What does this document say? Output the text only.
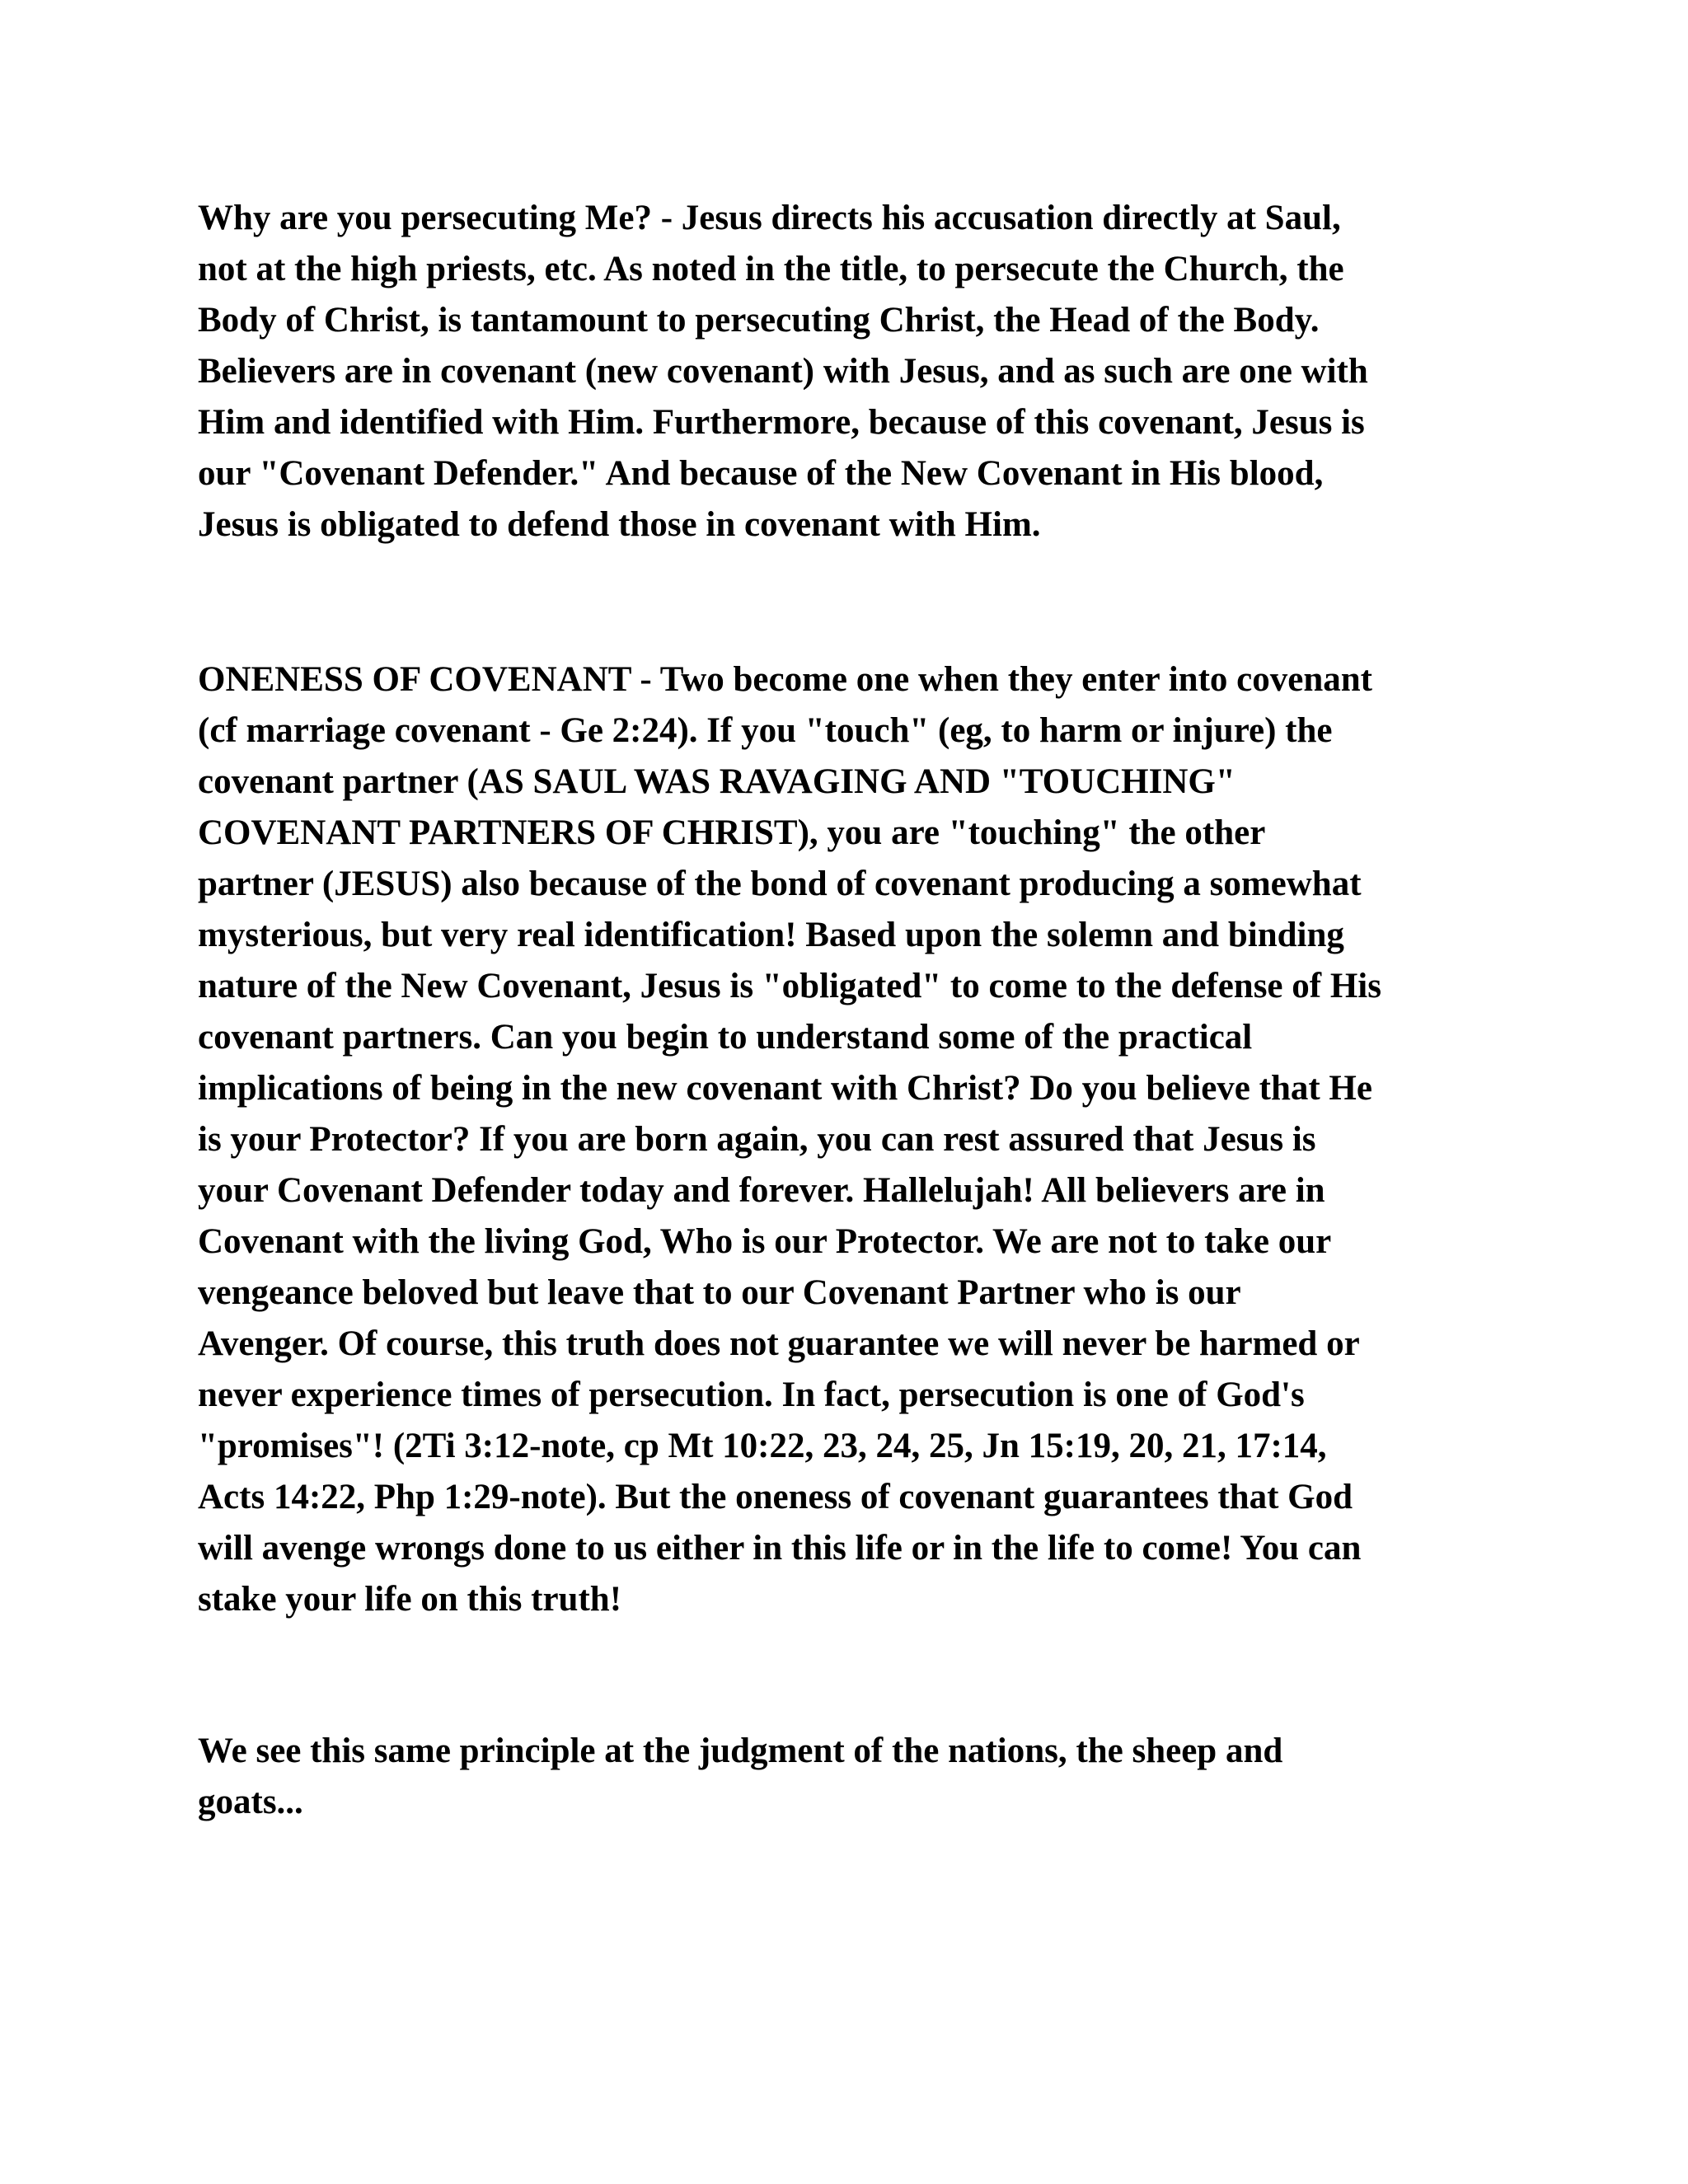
Why are you persecuting Me? - Jesus directs his accusation directly at Saul,
not at the high priests, etc. As noted in the title, to persecute the Church, the
Body of Christ, is tantamount to persecuting Christ, the Head of the Body.
Believers are in covenant (new covenant) with Jesus, and as such are one with
Him and identified with Him. Furthermore, because of this covenant, Jesus is
our "Covenant Defender." And because of the New Covenant in His blood,
Jesus is obligated to defend those in covenant with Him.
ONENESS OF COVENANT - Two become one when they enter into covenant
(cf marriage covenant - Ge 2:24). If you "touch" (eg, to harm or injure) the
covenant partner (AS SAUL WAS RAVAGING AND "TOUCHING"
COVENANT PARTNERS OF CHRIST), you are "touching" the other
partner (JESUS) also because of the bond of covenant producing a somewhat
mysterious, but very real identification! Based upon the solemn and binding
nature of the New Covenant, Jesus is "obligated" to come to the defense of His
covenant partners. Can you begin to understand some of the practical
implications of being in the new covenant with Christ? Do you believe that He
is your Protector? If you are born again, you can rest assured that Jesus is
your Covenant Defender today and forever. Hallelujah! All believers are in
Covenant with the living God, Who is our Protector. We are not to take our
vengeance beloved but leave that to our Covenant Partner who is our
Avenger. Of course, this truth does not guarantee we will never be harmed or
never experience times of persecution. In fact, persecution is one of God's
"promises"! (2Ti 3:12-note, cp Mt 10:22, 23, 24, 25, Jn 15:19, 20, 21, 17:14,
Acts 14:22, Php 1:29-note). But the oneness of covenant guarantees that God
will avenge wrongs done to us either in this life or in the life to come! You can
stake your life on this truth!
We see this same principle at the judgment of the nations, the sheep and
goats...
